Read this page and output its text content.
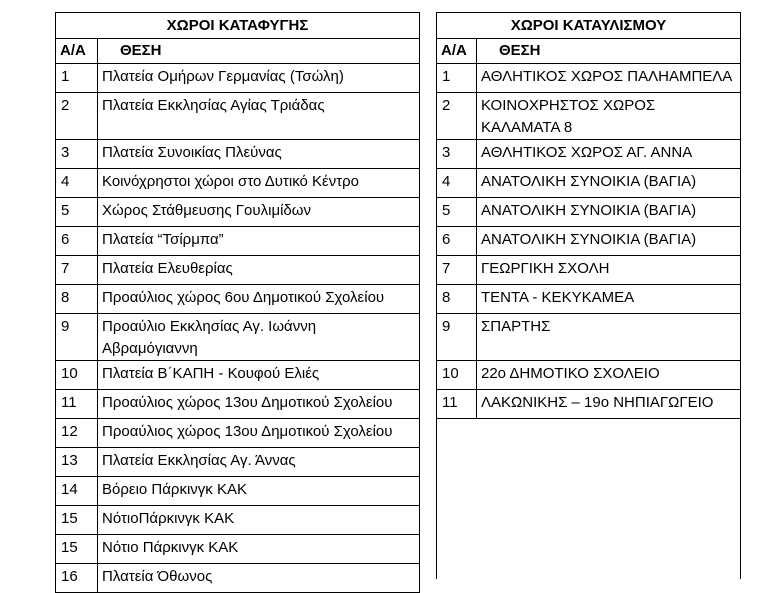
ΧΩΡΟΙ ΚΑΤΑΦΥΓΗΣ	
Α/Α	ΘΕΣΗ
1	Πλατεία Ομήρων Γερμανίας (Τσώλη)
2	Πλατεία Εκκλησίας Αγίας Τριάδας
3	Πλατεία Συνοικίας Πλεύνας
4	Κοινόχρηστοι χώροι στο Δυτικό Κέντρο
5	Χώρος Στάθμευσης Γουλιμίδων
6	Πλατεία “Τσίρμπα”
7	Πλατεία Ελευθερίας
8	Προαύλιος χώρος 6ου Δημοτικού Σχολείου
9	Προαύλιο Εκκλησίας Αγ. Ιωάννη Αβραμόγιαννη
10	Πλατεία Β΄ΚΑΠΗ - Κουφού Ελιές
11	Προαύλιος χώρος 13ου Δημοτικού Σχολείου
12	Προαύλιος χώρος 13ου Δημοτικού Σχολείου
13	Πλατεία Εκκλησίας Αγ. Άννας
14	Βόρειο Πάρκινγκ ΚΑΚ
15	ΝότιοΠάρκινγκ ΚΑΚ
15	Νότιο Πάρκινγκ ΚΑΚ
16	Πλατεία Όθωνος
ΧΩΡΟΙ ΚΑΤΑΥΛΙΣΜΟΥ	
Α/Α	ΘΕΣΗ
1	ΑΘΛΗΤΙΚΟΣ ΧΩΡΟΣ ΠΑΛΗΑΜΠΕΛΑ
2	ΚΟΙΝΟΧΡΗΣΤΟΣ ΧΩΡΟΣ ΚΑΛΑΜΑΤΑ 8
3	ΑΘΛΗΤΙΚΟΣ ΧΩΡΟΣ ΑΓ. ΑΝΝΑ
4	ΑΝΑΤΟΛΙΚΗ ΣΥΝΟΙΚΙΑ (ΒΑΓΙΑ)
5	ΑΝΑΤΟΛΙΚΗ ΣΥΝΟΙΚΙΑ (ΒΑΓΙΑ)
6	ΑΝΑΤΟΛΙΚΗ ΣΥΝΟΙΚΙΑ (ΒΑΓΙΑ)
7	ΓΕΩΡΓΙΚΗ ΣΧΟΛΗ
8	ΤΕΝΤΑ - ΚΕΚΥΚΑΜΕΑ
9	ΣΠΑΡΤΗΣ
10	22ο ΔΗΜΟΤΙΚΟ ΣΧΟΛΕΙΟ
11	ΛΑΚΩΝΙΚΗΣ – 19ο ΝΗΠΙΑΓΩΓΕΙΟ
